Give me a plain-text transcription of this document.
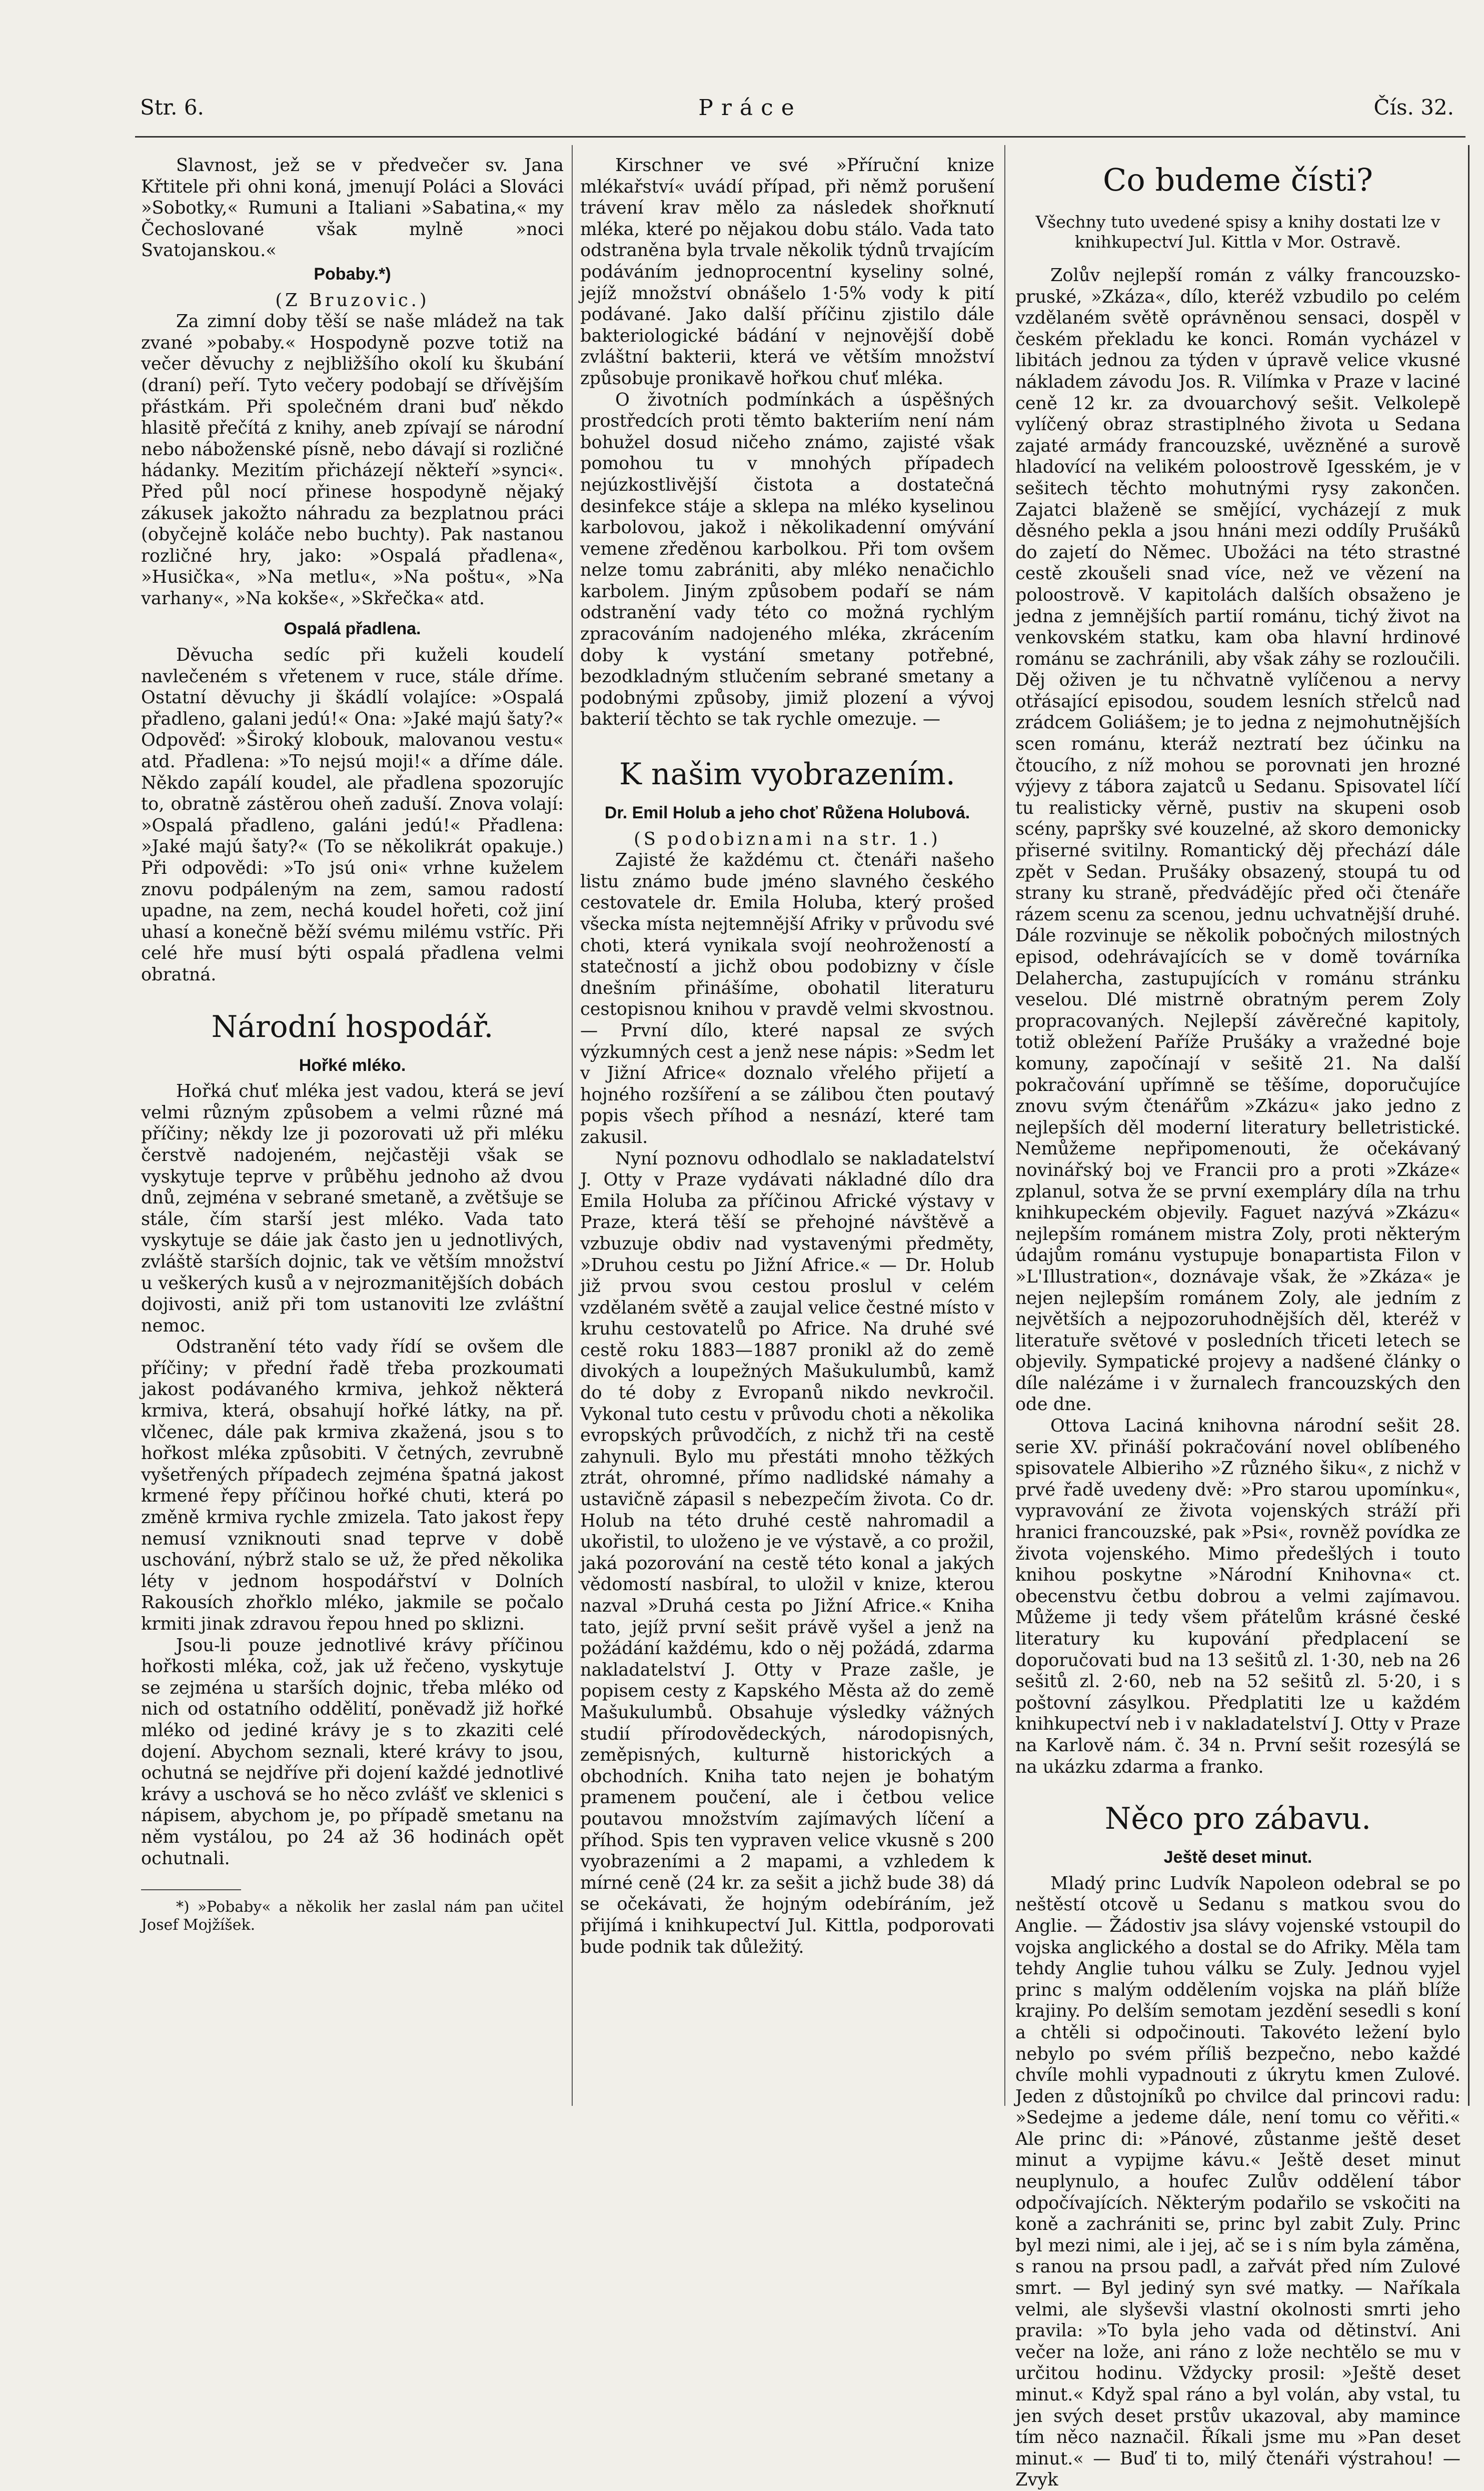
Str. 6.	Práce	Čís. 32.

Slavnost, jež se v předvečer sv. Jana Křtitele při ohni koná, jmenují Poláci a Slováci »Sobotky,« Rumuni a Italiani »Sabatina,« my Čechoslované však mylně »noci Svatojanskou.«

Pobaby.*)

(Z Bruzovic.)

Za zimní doby těší se naše mládež na tak zvané »pobaby.« Hospodyně pozve totiž na večer děvuchy z nejbližšího okolí ku škubání (draní) peří. Tyto večery podobají se dřívějším přástkám. Při společném drani buď někdo hlasitě přečítá z knihy, aneb zpívají se národní nebo náboženské písně, nebo dávají si rozličné hádanky. Mezitím přicházejí někteří »synci«. Před půl nocí přinese hospodyně nějaký zákusek jakožto náhradu za bezplatnou práci (obyčejně koláče nebo buchty). Pak nastanou rozličné hry, jako: »Ospalá přadlena«, »Husička«, »Na metlu«, »Na poštu«, »Na varhany«, »Na kokše«, »Skřečka« atd.

Ospalá přadlena.

Děvucha sedíc při kuželi koudelí navlečeném s vřetenem v ruce, stále dříme. Ostatní děvuchy ji škádlí volajíce: »Ospalá přadleno, galani jedú!« Ona: »Jaké majú šaty?« Odpověď: »Široký klobouk, malovanou vestu« atd. Přadlena: »To nejsú moji!« a dříme dále. Někdo zapálí koudel, ale přadlena spozorujíc to, obratně zástěrou oheň zaduší. Znova volají: »Ospalá přadleno, galáni jedú!« Přadlena: »Jaké majú šaty?« (To se několikrát opakuje.) Při odpovědi: »To jsú oni« vrhne kuželem znovu podpáleným na zem, samou radostí upadne, na zem, nechá koudel hořeti, což jiní uhasí a konečně běží svému milému vstříc. Při celé hře musí býti ospalá přadlena velmi obratná.

Národní hospodář.
Hořké mléko.

Hořká chuť mléka jest vadou, která se jeví velmi různým způsobem a velmi různé má příčiny; někdy lze ji pozorovati už při mléku čerstvě nadojeném, nejčastěji však se vyskytuje teprve v průběhu jednoho až dvou dnů, zejména v sebrané smetaně, a zvětšuje se stále, čím starší jest mléko. Vada tato vyskytuje se dáie jak často jen u jednotlivých, zvláště starších dojnic, tak ve větším množství u veškerých kusů a v nejrozmanitějších dobách dojivosti, aniž při tom ustanoviti lze zvláštní nemoc.

Odstranění této vady řídí se ovšem dle příčiny; v přední řadě třeba prozkoumati jakost podávaného krmiva, jehkož některá krmiva, která, obsahují hořké látky, na př. vlčenec, dále pak krmiva zkažená, jsou s to hořkost mléka způsobiti. V četných, zevrubně vyšetřených případech zejména špatná jakost krmené řepy příčinou hořké chuti, která po změně krmiva rychle zmizela. Tato jakost řepy nemusí vzniknouti snad teprve v době uschování, nýbrž stalo se už, že před několika léty v jednom hospodářství v Dolních Rakousích zhořklo mléko, jakmile se počalo krmiti jinak zdravou řepou hned po sklizni.

Jsou-li pouze jednotlivé krávy příčinou hořkosti mléka, což, jak už řečeno, vyskytuje se zejména u starších dojnic, třeba mléko od nich od ostatního oddělití, poněvadž již hořké mléko od jediné krávy je s to zkaziti celé dojení. Abychom seznali, které krávy to jsou, ochutná se nejdříve při dojení každé jednotlivé krávy a uschová se ho něco zvlášť ve sklenici s nápisem, abychom je, po případě smetanu na něm vystálou, po 24 až 36 hodinách opět ochutnali.

*) »Pobaby« a několik her zaslal nám pan učitel Josef Mojžíšek.

Kirschner ve své »Příruční knize mlékařství« uvádí případ, při němž porušení trávení krav mělo za následek shořknutí mléka, které po nějakou dobu stálo. Vada tato odstraněna byla trvale několik týdnů trvajícím podáváním jednoprocentní kyseliny solné, jejíž množství obnášelo 1·5% vody k pití podávané. Jako další příčinu zjistilo dále bakteriologické bádání v nejnovější době zvláštní bakterii, která ve větším množství způsobuje pronikavě hořkou chuť mléka.

O životních podmínkách a úspěšných prostředcích proti těmto bakteriím není nám bohužel dosud ničeho známo, zajisté však pomohou tu v mnohých případech nejúzkostlivější čistota a dostatečná desinfekce stáje a sklepa na mléko kyselinou karbolovou, jakož i několikadenní omývání vemene zředěnou karbolkou. Při tom ovšem nelze tomu zabrániti, aby mléko nenačichlo karbolem. Jiným způsobem podaří se nám odstranění vady této co možná rychlým zpracováním nadojeného mléka, zkrácením doby k vystání smetany potřebné, bezodkladným stlučením sebrané smetany a podobnými způsoby, jimiž plození a vývoj bakterií těchto se tak rychle omezuje. —

K našim vyobrazením.
Dr. Emil Holub a jeho choť Růžena Holubová.

(S podobiznami na str. 1.)

Zajisté že každému ct. čtenáři našeho listu známo bude jméno slavného českého cestovatele dr. Emila Holuba, který prošed všecka místa nejtemnější Afriky v průvodu své choti, která vynikala svojí neohrožeností a statečností a jichž obou podobizny v čísle dnešním přinášíme, obohatil literaturu cestopisnou knihou v pravdě velmi skvostnou. — První dílo, které napsal ze svých výzkumných cest a jenž nese nápis: »Sedm let v Jižní Africe« doznalo vřelého přijetí a hojného rozšíření a se zálibou čten poutavý popis všech příhod a nesnází, které tam zakusil.

Nyní poznovu odhodlalo se nakladatelství J. Otty v Praze vydávati nákladné dílo dra Emila Holuba za příčinou Africké výstavy v Praze, která těší se přehojné návštěvě a vzbuzuje obdiv nad vystavenými předměty, »Druhou cestu po Jižní Africe.« — Dr. Holub již prvou svou cestou proslul v celém vzdělaném světě a zaujal velice čestné místo v kruhu cestovatelů po Africe. Na druhé své cestě roku 1883—1887 pronikl až do země divokých a loupežných Mašukulumbů, kamž do té doby z Evropanů nikdo nevkročil. Vykonal tuto cestu v průvodu choti a několika evropských průvodčích, z nichž tři na cestě zahynuli. Bylo mu přestáti mnoho těžkých ztrát, ohromné, přímo nadlidské námahy a ustavičně zápasil s nebezpečím života. Co dr. Holub na této druhé cestě nahromadil a ukořistil, to uloženo je ve výstavě, a co prožil, jaká pozorování na cestě této konal a jakých vědomostí nasbíral, to uložil v knize, kterou nazval »Druhá cesta po Jižní Africe.« Kniha tato, jejíž první sešit právě vyšel a jenž na požádání každému, kdo o něj požádá, zdarma nakladatelství J. Otty v Praze zašle, je popisem cesty z Kapského Města až do země Mašukulumbů. Obsahuje výsledky vážných studií přírodovědeckých, národopisných, zeměpisných, kulturně historických a obchodních. Kniha tato nejen je bohatým pramenem poučení, ale i četbou velice poutavou množstvím zajímavých líčení a příhod. Spis ten vypraven velice vkusně s 200 vyobrazeními a 2 mapami, a vzhledem k mírné ceně (24 kr. za sešit a jichž bude 38) dá se očekávati, že hojným odebíráním, jež přijímá i knihkupectví Jul. Kittla, podporovati bude podnik tak důležitý.

Co budeme čísti?

Všechny tuto uvedené spisy a knihy dostati lze v knihkupectví Jul. Kittla v Mor. Ostravě.

Zolův nejlepší román z války francouzsko-pruské, »Zkáza«, dílo, kteréž vzbudilo po celém vzdělaném světě oprávněnou sensaci, dospěl v českém překladu ke konci. Román vycházel v libitách jednou za týden v úpravě velice vkusné nákladem závodu Jos. R. Vilímka v Praze v laciné ceně 12 kr. za dvouarchový sešit. Velkolepě vylíčený obraz strastiplného života u Sedana zajaté armády francouzské, uvězněné a surově hladovící na velikém poloostrově Igesském, je v sešitech těchto mohutnými rysy zakončen. Zajatci blaženě se smějící, vycházejí z muk děsného pekla a jsou hnáni mezi oddíly Prušáků do zajetí do Němec. Ubožáci na této strastné cestě zkoušeli snad více, než ve vězení na poloostrově. V kapitolách dalších obsaženo je jedna z jemnějších partií románu, tichý život na venkovském statku, kam oba hlavní hrdinové románu se zachránili, aby však záhy se rozloučili. Děj oživen je tu nčhvatně vylíčenou a nervy otřásající episodou, soudem lesních střelců nad zrádcem Goliášem; je to jedna z nejmohutnějších scen románu, kteráž neztratí bez účinku na čtoucího, z níž mohou se porovnati jen hrozné výjevy z tábora zajatců u Sedanu. Spisovatel líčí tu realisticky věrně, pustiv na skupeni osob scény, papršky své kouzelné, až skoro demonicky přiserné svitilny. Romantický děj přechází dále zpět v Sedan. Prušáky obsazený, stoupá tu od strany ku straně, předvádějíc před oči čtenáře rázem scenu za scenou, jednu uchvatnější druhé. Dále rozvinuje se několik pobočných milostných episod, odehrávajících se v domě továrníka Delaherchа, zastupujících v románu stránku veselou. Dlé mistrně obratným perem Zoly propracovaných. Nejlepší závěrečné kapitoly, totiž obležení Paříže Prušáky a vražedné boje komuny, započínají v sešitě 21. Na další pokračování upřímně se těšíme, doporučujíce znovu svým čtenářům »Zkázu« jako jedno z nejlepších děl moderní literatury belletristické. Nemůžeme nepřipomenouti, že očekávaný novinářský boj ve Francii pro a proti »Zkáze« zplanul, sotva že se první exempláry díla na trhu knihkupeckém objevily. Faguet nazývá »Zkázu« nejlepším románem mistra Zoly, proti některým údajům románu vystupuje bonapartista Filon v »L'Illustration«, doznávaje však, že »Zkáza« je nejen nejlepším románem Zoly, ale jedním z největších a nejpozoruhodnějších děl, kteréž v literatuře světové v posledních třiceti letech se objevily. Sympatické projevy a nadšené články o díle nalézáme i v žurnalech francouzských den ode dne.

Ottova Laciná knihovna národní sešit 28. serie XV. přináší pokračování novel oblíbeného spisovatele Albieriho »Z různého šiku«, z nichž v prvé řadě uvedeny dvě: »Pro starou upomínku«, vypravování ze života vojenských stráží při hranici francouzské, pak »Psi«, rovněž povídka ze života vojenského. Mimo předešlých i touto knihou poskytne »Národní Knihovna« ct. obecenstvu četbu dobrou a velmi zajímavou. Můžeme ji tedy všem přátelům krásné české literatury ku kupování předplacení se doporučovati bud na 13 sešitů zl. 1·30, neb na 26 sešitů zl. 2·60, neb na 52 sešitů zl. 5·20, i s poštovní zásylkou. Předplatiti lze u každém knihkupectví neb i v nakladatelství J. Otty v Praze na Karlově nám. č. 34 n. První sešit rozesýlá se na ukázku zdarma a franko.

Něco pro zábavu.
Ještě deset minut.

Mladý princ Ludvík Napoleon odebral se po neštěstí otcově u Sedanu s matkou svou do Anglie. — Žádostiv jsa slávy vojenské vstoupil do vojska anglického a dostal se do Afriky. Měla tam tehdy Anglie tuhou válku se Zuly. Jednou vyjel princ s malým oddělením vojska na pláň blíže krajiny. Po delším semotam jezdění sesedli s koní a chtěli si odpočinouti. Takovéto ležení bylo nebylo po svém příliš bezpečno, nebo každé chvíle mohli vypadnouti z úkrytu kmen Zulové. Jeden z důstojníků po chvilce dal princovi radu: »Sedejme a jedeme dále, není tomu co věřiti.« Ale princ di: »Pánové, zůstanme ještě deset minut a vypijme kávu.« Ještě deset minut neuplynulo, a houfec Zulův oddělení tábor odpočívajících. Některým podařilo se vskočiti na koně a zachrániti se, princ byl zabit Zuly. Princ byl mezi nimi, ale i jej, ač se i s ním byla záměna, s ranou na prsou padl, a zařvát před ním Zulové smrt. — Byl jediný syn své matky. — Naříkala velmi, ale slyševši vlastní okolnosti smrti jeho pravila: »To byla jeho vada od dětinství. Ani večer na lože, ani ráno z lože nechtělo se mu v určitou hodinu. Vždycky prosil: »Ještě deset minut.« Když spal ráno a byl volán, aby vstal, tu jen svých deset prstův ukazoval, aby mamince tím něco naznačil. Říkali jsme mu »Pan deset minut.« — Buď ti to, milý čtenáři výstrahou! — Zvyk
